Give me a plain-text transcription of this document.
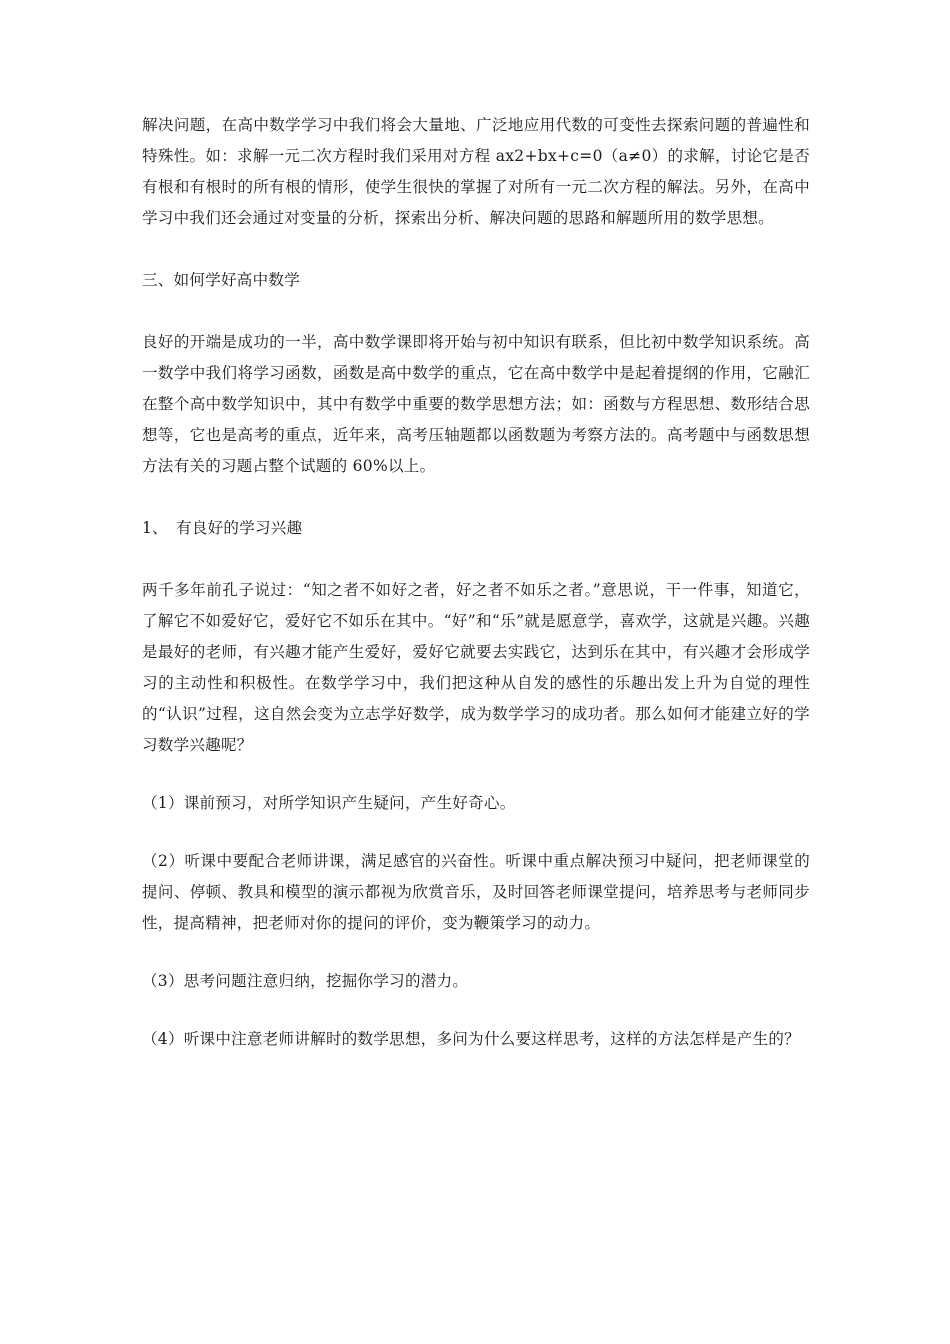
解决问题，在高中数学学习中我们将会大量地、广泛地应用代数的可变性去探索问题的普遍性和特殊性。如：求解一元二次方程时我们采用对方程 ax2+bx+c=0（a≠0）的求解，讨论它是否有根和有根时的所有根的情形，使学生很快的掌握了对所有一元二次方程的解法。另外，在高中学习中我们还会通过对变量的分析，探索出分析、解决问题的思路和解题所用的数学思想。

三、如何学好高中数学

良好的开端是成功的一半，高中数学课即将开始与初中知识有联系，但比初中数学知识系统。高一数学中我们将学习函数，函数是高中数学的重点，它在高中数学中是起着提纲的作用，它融汇在整个高中数学知识中，其中有数学中重要的数学思想方法；如：函数与方程思想、数形结合思想等，它也是高考的重点，近年来，高考压轴题都以函数题为考察方法的。高考题中与函数思想方法有关的习题占整个试题的 60%以上。

1、　有良好的学习兴趣

两千多年前孔子说过：“知之者不如好之者，好之者不如乐之者。”意思说，干一件事，知道它，了解它不如爱好它，爱好它不如乐在其中。“好”和“乐”就是愿意学，喜欢学，这就是兴趣。兴趣是最好的老师，有兴趣才能产生爱好，爱好它就要去实践它，达到乐在其中，有兴趣才会形成学习的主动性和积极性。在数学学习中，我们把这种从自发的感性的乐趣出发上升为自觉的理性的“认识”过程，这自然会变为立志学好数学，成为数学学习的成功者。那么如何才能建立好的学习数学兴趣呢？

（1）课前预习，对所学知识产生疑问，产生好奇心。

（2）听课中要配合老师讲课，满足感官的兴奋性。听课中重点解决预习中疑问，把老师课堂的提问、停顿、教具和模型的演示都视为欣赏音乐，及时回答老师课堂提问，培养思考与老师同步性，提高精神，把老师对你的提问的评价，变为鞭策学习的动力。

（3）思考问题注意归纳，挖掘你学习的潜力。

（4）听课中注意老师讲解时的数学思想，多问为什么要这样思考，这样的方法怎样是产生的？
